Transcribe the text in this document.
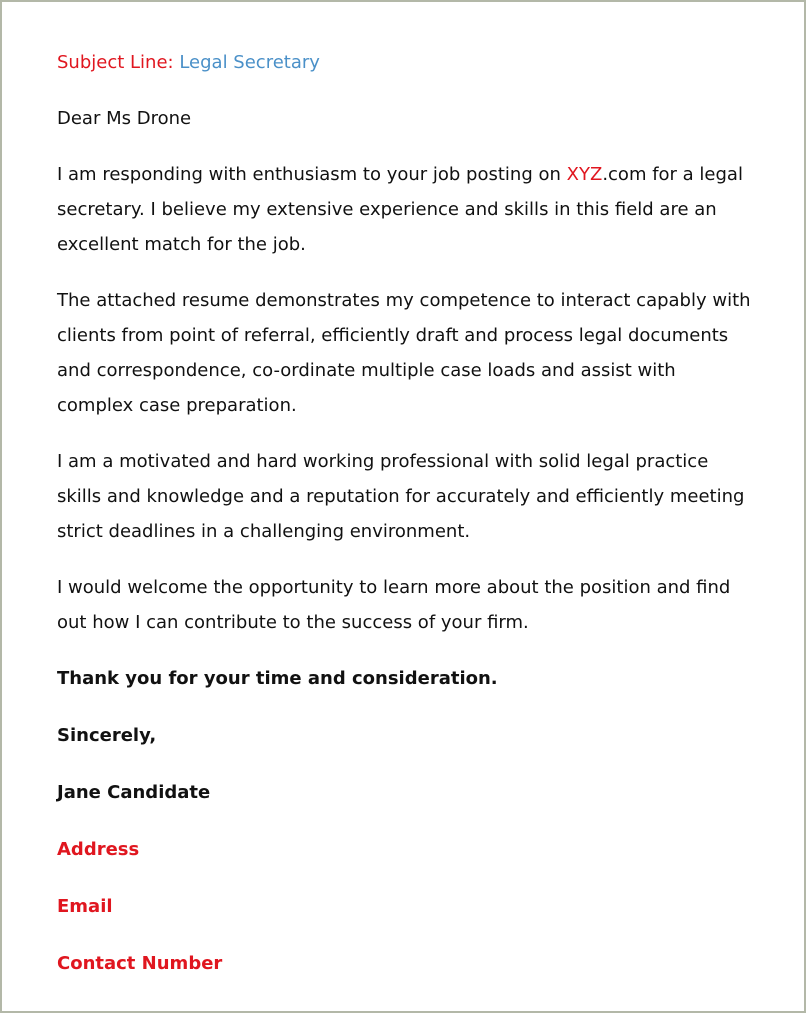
Subject Line: Legal Secretary

Dear Ms Drone

I am responding with enthusiasm to your job posting on XYZ.com for a legal secretary. I believe my extensive experience and skills in this field are an excellent match for the job.

The attached resume demonstrates my competence to interact capably with clients from point of referral, efficiently draft and process legal documents and correspondence, co-ordinate multiple case loads and assist with complex case preparation.

I am a motivated and hard working professional with solid legal practice skills and knowledge and a reputation for accurately and efficiently meeting strict deadlines in a challenging environment.

I would welcome the opportunity to learn more about the position and find out how I can contribute to the success of your firm.

Thank you for your time and consideration.

Sincerely,

Jane Candidate

Address

Email

Contact Number
